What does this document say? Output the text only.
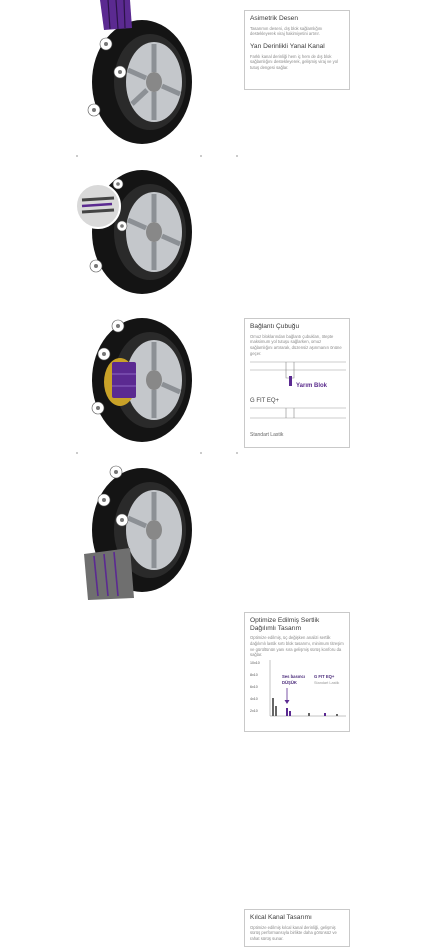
Asimetrik Desen

Tasarımın deseni, dış blok sağlamlığını destekleyerek viraj hakimiyetini artırır.

Yan Derinlikli Yanal Kanal

Farklı kanal derinliği hem iç hem de dış blok sağlamlığını destekleyerek, gelişmiş viraj ve yol tutuş dengesi sağlar.

Bağlantı Çubuğu

Omuz bloklarından bağlantı çubukları, ötepte maksimum yol tutuşu sağlarken, omuz sağlamlığını artırarak, düzensiz aşınmanın önüne geçer.

Yarım Blok
G FIT EQ+
Standart Lastik
Optimize Edilmiş Sertlik Dağılımlı Tasarım

Optimize edilmiş, üç değişken analizi sertlik dağılımlı lastik sırtı blok tasarımı, minimum titreşim ve gürültünün yanı sıra gelişmiş sürüş konforu da sağlar.

10x10
8x10
6x10
4x10
2x10
Ses basıncı
DÜŞÜK
G FIT EQ+
Standart Lastik
Kılcal Kanal Tasarımı

Optimize edilmiş kılcal kanal derinliği, gelişmiş sürüş performansıyla birlikte daha görünsüz ve rahat sürüş sunar.
